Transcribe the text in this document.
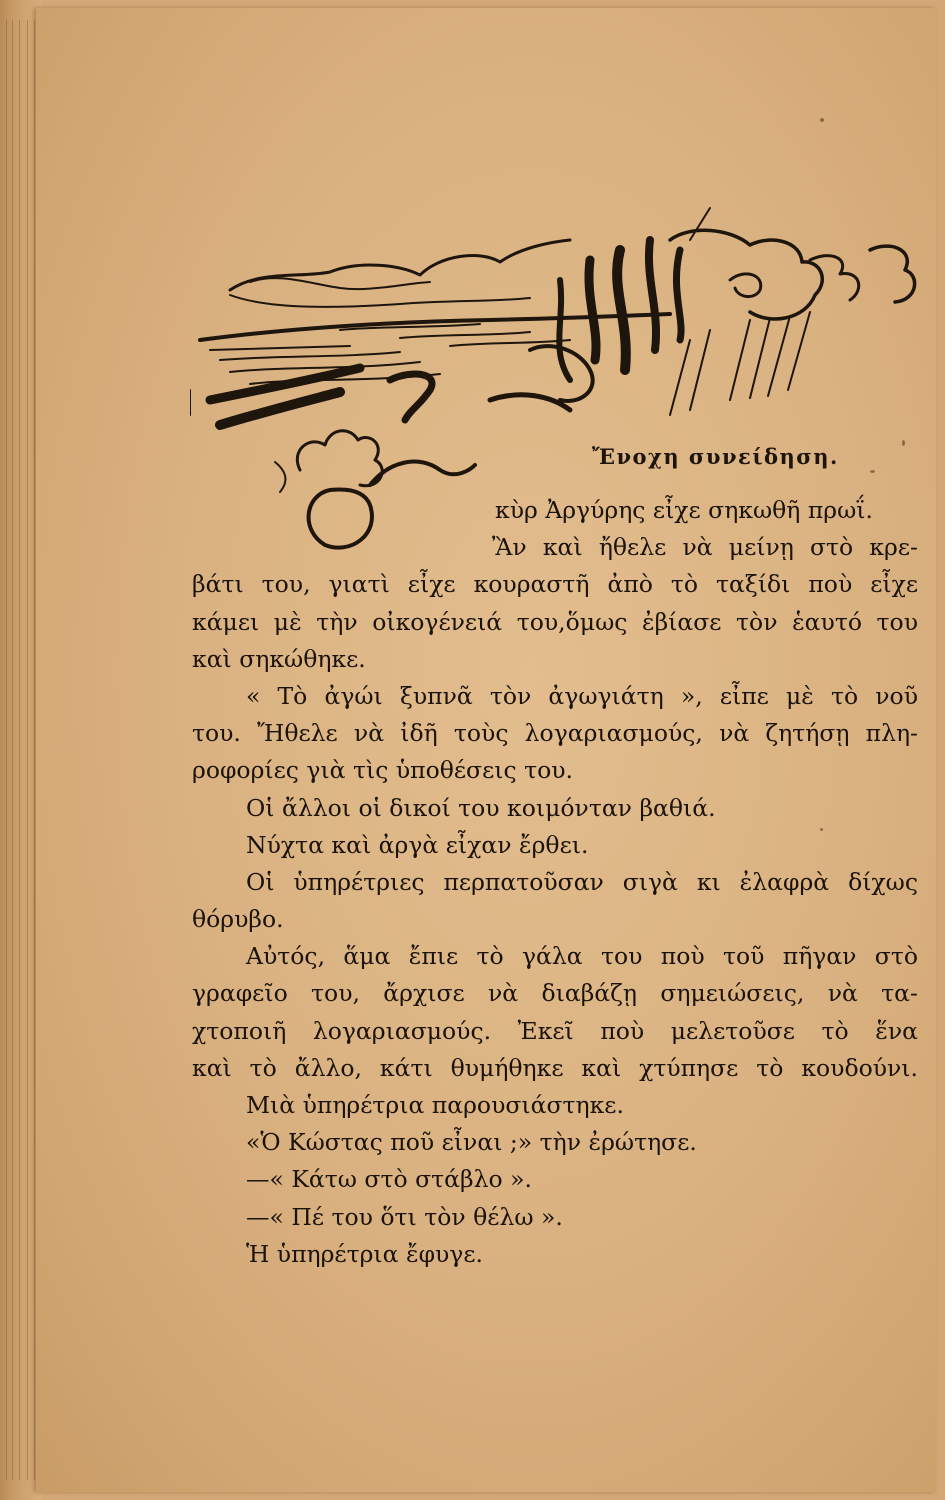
Ἔνοχη συνείδηση.
κὺρ Ἀργύρης εἶχε σηκωθῆ πρωΐ.
Ἂν καὶ ἤθελε νὰ μείνῃ στὸ κρε-
βάτι του, γιατὶ εἶχε κουραστῆ ἀπὸ τὸ ταξίδι ποὺ εἶχε
κάμει μὲ τὴν οἰκογένειά του,ὅμως ἐβίασε τὸν ἑαυτό του
καὶ σηκώθηκε.
« Τὸ ἀγώι ξυπνᾶ τὸν ἀγωγιάτη », εἶπε μὲ τὸ νοῦ
του. Ἤθελε νὰ ἰδῆ τοὺς λογαριασμούς, νὰ ζητήσῃ πλη-
ροφορίες γιὰ τὶς ὑποθέσεις του.
Οἱ ἄλλοι οἱ δικοί του κοιμόνταν βαθιά.
Νύχτα καὶ ἀργὰ εἶχαν ἔρθει.
Οἱ ὑπηρέτριες περπατοῦσαν σιγὰ κι ἐλαφρὰ δίχως
θόρυβο.
Αὐτός, ἅμα ἔπιε τὸ γάλα του ποὺ τοῦ πῆγαν στὸ
γραφεῖο του, ἄρχισε νὰ διαβάζῃ σημειώσεις, νὰ τα-
χτοποιῆ λογαριασμούς. Ἐκεῖ ποὺ μελετοῦσε τὸ ἕνα
καὶ τὸ ἄλλο, κάτι θυμήθηκε καὶ χτύπησε τὸ κουδούνι.
Μιὰ ὑπηρέτρια παρουσιάστηκε.
«Ὁ Κώστας ποῦ εἶναι ;» τὴν ἐρώτησε.
—« Κάτω στὸ στάβλο ».
—« Πέ του ὅτι τὸν θέλω ».
Ἡ ὑπηρέτρια ἔφυγε.
